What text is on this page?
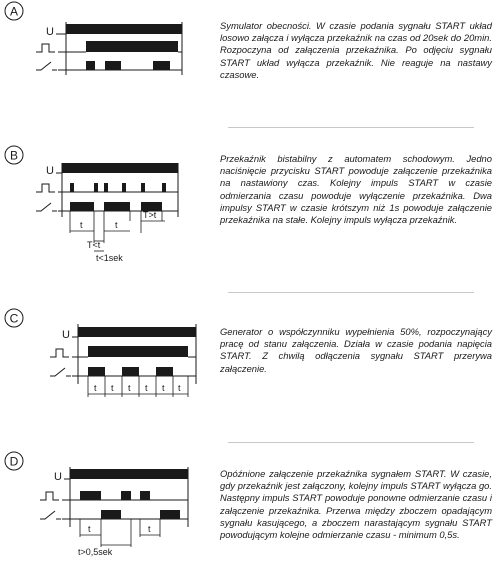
A
U

Symulator obecności. W czasie podania sygnału START układ losowo załącza i wyłącza przekaźnik na czas od 20sek do 20min. Rozpoczyna od załączenia przekaźnika. Po odjęciu sygnału START układ wyłącza przekaźnik. Nie reaguje na nastawy czasowe.

B
U
t	t
T>t
T<t
t<1sek

Przekaźnik bistabilny z automatem schodowym. Jedno naciśnięcie przycisku START powoduje załączenie przekaźnika na nastawiony czas. Kolejny impuls START w czasie odmierzania czasu powoduje wyłączenie przekaźnika. Dwa impulsy START w czasie krótszym niż 1s powoduje załączenie przekaźnika na stałe. Kolejny impuls wyłącza przekaźnik.

C
U
t t t t t t

Generator o współczynniku wypełnienia 50%, rozpoczynający pracę od stanu załączenia. Działa w czasie podania napięcia START. Z chwilą odłączenia sygnału START przerywa załączenie.

D
U
t	t
t>0,5sek

Opóźnione załączenie przekaźnika sygnałem START. W czasie, gdy przekaźnik jest załączony, kolejny impuls START wyłącza go. Następny impuls START powoduje ponowne odmierzanie czasu i załączenie przekaźnika. Przerwa między zboczem opadającym sygnału kasującego, a zboczem narastającym sygnału START powodującym kolejne odmierzanie czasu - minimum 0,5s.
